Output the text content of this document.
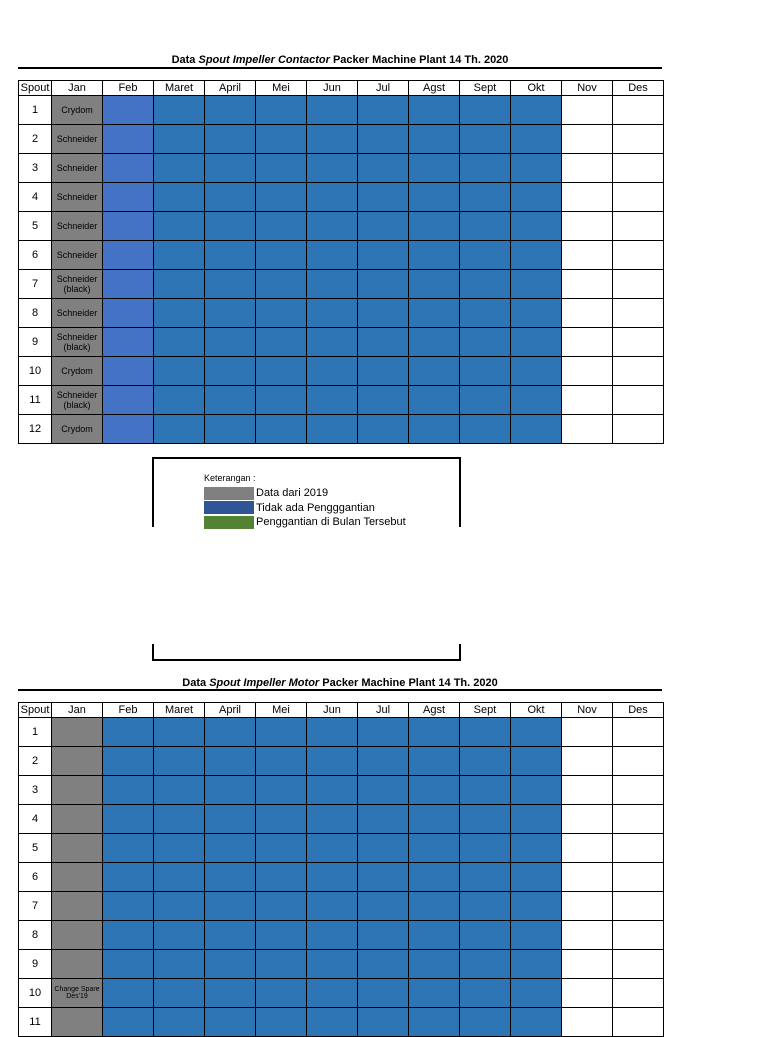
Data Spout Impeller Contactor Packer Machine Plant 14 Th. 2020
Spout	Jan	Feb	Maret	April	Mei	Jun	Jul	Agst	Sept	Okt	Nov	Des
1	Crydom											

2	Schneider											

3	Schneider											

4	Schneider											

5	Schneider											

6	Schneider											

7	Schneider (black)											

8	Schneider											

9	Schneider (black)											

10	Crydom											

11	Schneider (black)											

12	Crydom											

Keterangan :
Data dari 2019
Tidak ada Pengggantian
Penggantian di Bulan Tersebut
Data Spout Impeller Motor Packer Machine Plant 14 Th. 2020
Spout	Jan	Feb	Maret	April	Mei	Jun	Jul	Agst	Sept	Okt	Nov	Des
1												
2												
3												
4												
5												
6												
7												
8												
9												
10	Change Spare Des'19											

11												
